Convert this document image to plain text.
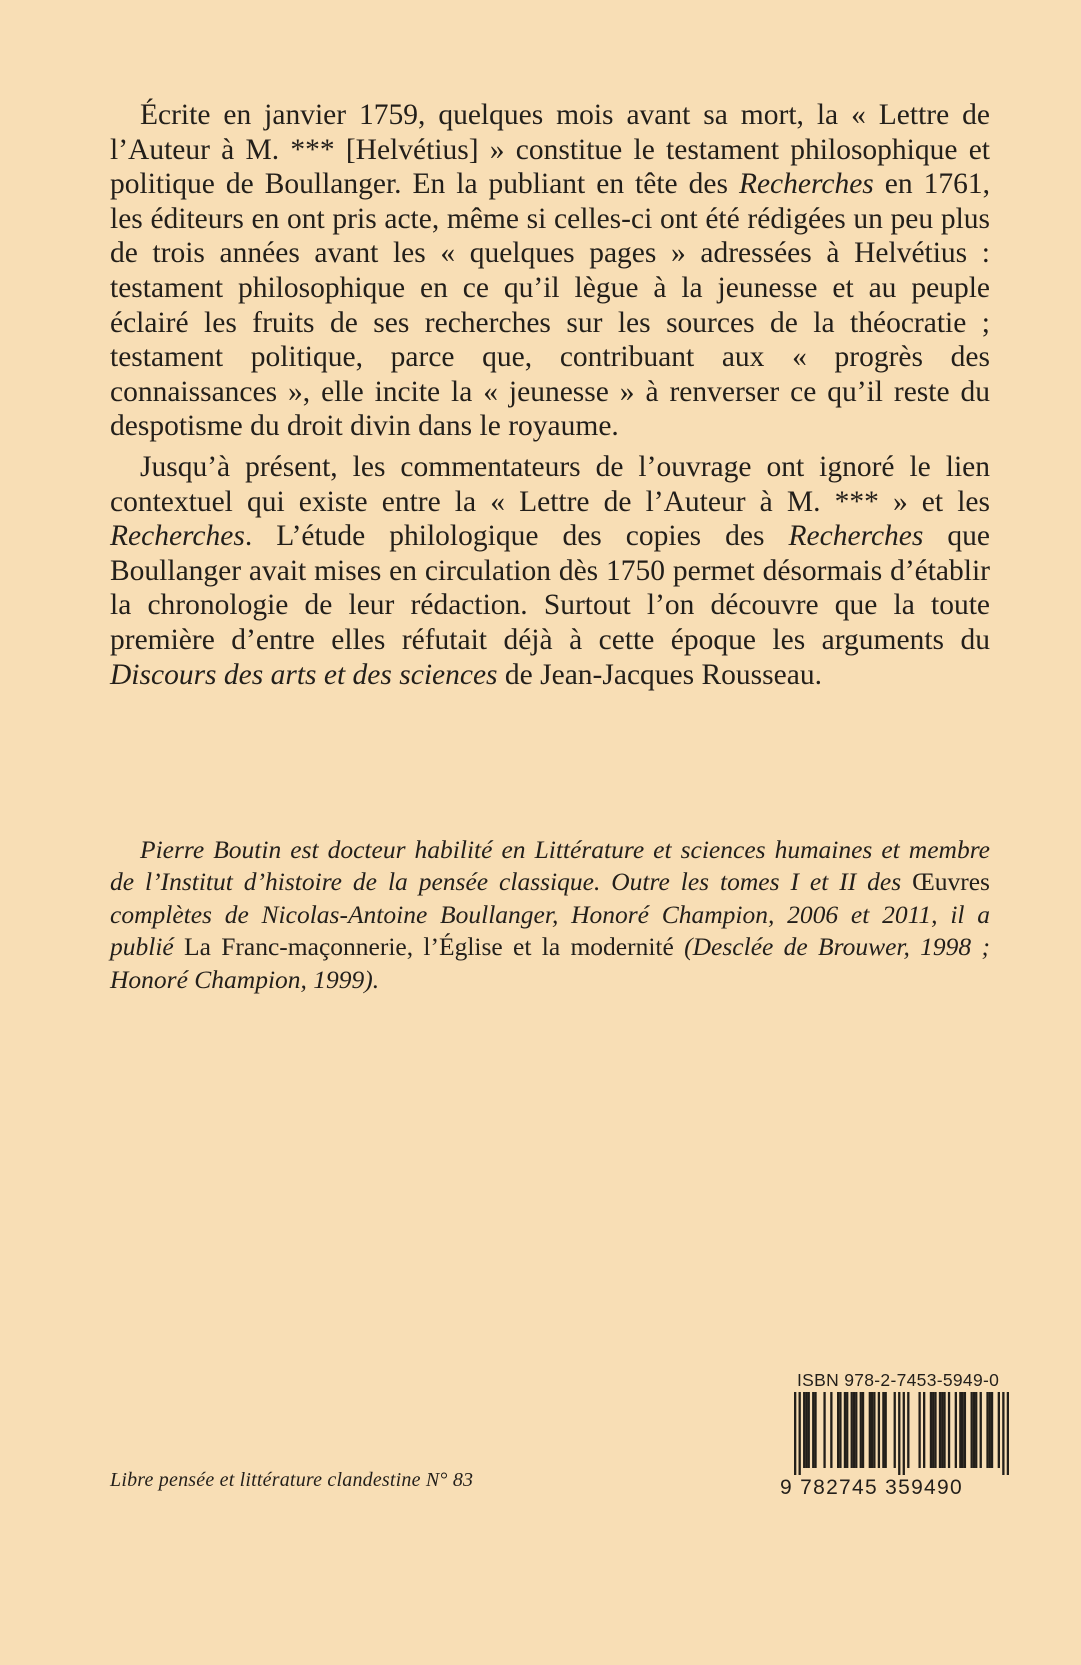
Écrite en janvier 1759, quelques mois avant sa mort, la « Lettre de l’Auteur à M. *** [Helvétius] » constitue le testament philosophique et politique de Boullanger. En la publiant en tête des Recherches en 1761, les éditeurs en ont pris acte, même si celles-ci ont été rédigées un peu plus de trois années avant les « quelques pages » adressées à Helvétius : testament philosophique en ce qu’il lègue à la jeunesse et au peuple éclairé les fruits de ses recherches sur les sources de la théocratie ; testament politique, parce que, contribuant aux « progrès des connaissances », elle incite la « jeunesse » à renverser ce qu’il reste du despotisme du droit divin dans le royaume.

Jusqu’à présent, les commentateurs de l’ouvrage ont ignoré le lien contextuel qui existe entre la « Lettre de l’Auteur à M. *** » et les Recherches. L’étude philologique des copies des Recherches que Boullanger avait mises en circulation dès 1750 permet désormais d’établir la chronologie de leur rédaction. Surtout l’on découvre que la toute première d’entre elles réfutait déjà à cette époque les arguments du Discours des arts et des sciences de Jean-Jacques Rousseau.

Pierre Boutin est docteur habilité en Littérature et sciences humaines et membre de l’Institut d’histoire de la pensée classique. Outre les tomes I et II des Œuvres complètes de Nicolas-Antoine Boullanger, Honoré Champion, 2006 et 2011, il a publié La Franc-maçonnerie, l’Église et la modernité (Desclée de Brouwer, 1998 ; Honoré Champion, 1999).

Libre pensée et littérature clandestine N° 83
ISBN 978-2-7453-5949-0
9 782745 359490
